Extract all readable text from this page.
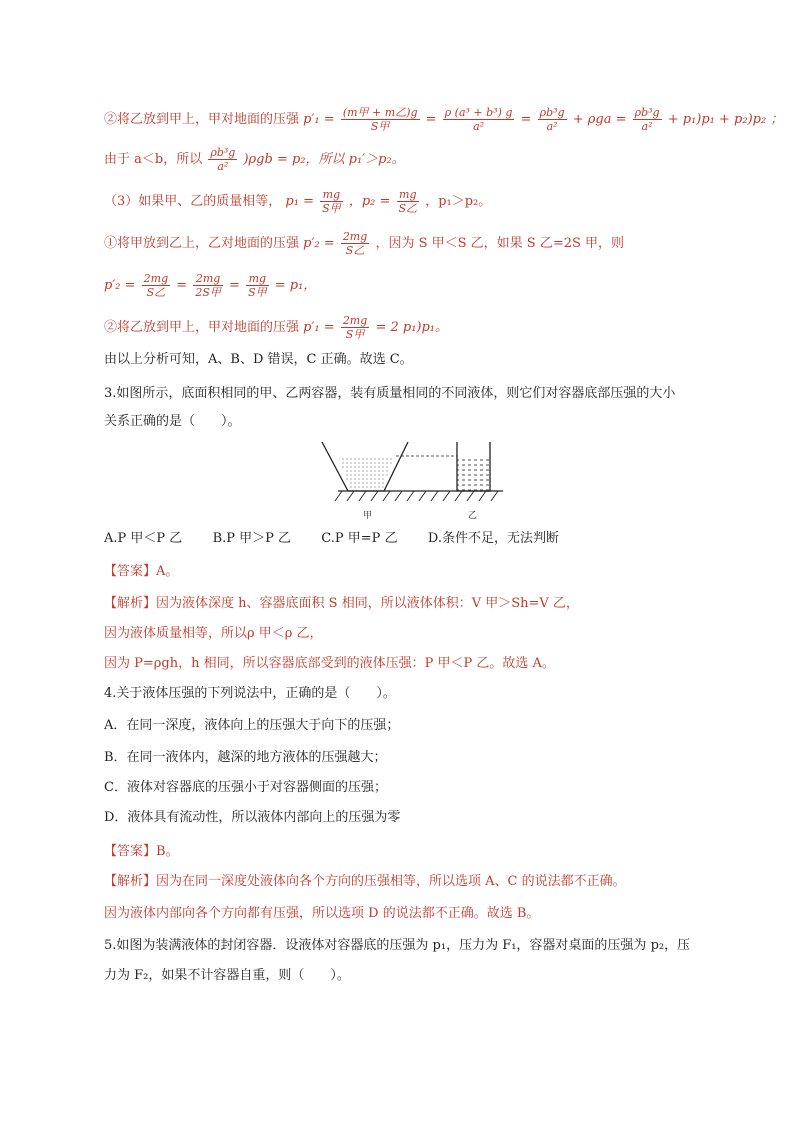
②将乙放到甲上，甲对地面的压强 $p'_1 = \frac{\text{(m甲 + m乙)g}}{\text{S甲}} = \frac{\text{ρ (a³ + b³) g}}{\text{a²}} = \frac{\text{ρb³g}}{\text{a²}} + \rho ga = \frac{\text{ρb³g}}{\text{a²}} + p_1)p_1 + p_2)p_2$ ；
由于 a＜b，所以 $\frac{\text{ρb³g}}{\text{a²}} )\rho gb = p_2$，所以 p₁′＞p₂。
（3）如果甲、乙的质量相等， $p_1 = \frac{mg}{\text{S甲}}$ ，$p_2 = \frac{mg}{\text{S乙}}$ ，p₁＞p₂。
①将甲放到乙上，乙对地面的压强 $p'_2 = \frac{2mg}{\text{S乙}}$ ，因为 S 甲＜S 乙，如果 S 乙=2S 甲，则
$p'_2 = \frac{2mg}{\text{S乙}} = \frac{2mg}{\text{2S甲}} = \frac{mg}{\text{S甲}} = p_1$，
②将乙放到甲上，甲对地面的压强 $p'_1 = \frac{2mg}{\text{S甲}} = 2$ p₁)p₁。
由以上分析可知，A、B、D 错误，C 正确。故选 C。
3.如图所示，底面积相同的甲、乙两容器，装有质量相同的不同液体，则它们对容器底部压强的大小
关系正确的是（　　）。
甲	乙
A.P 甲＜P 乙 B.P 甲＞P 乙 C.P 甲=P 乙 D.条件不足，无法判断
【答案】A。
【解析】因为液体深度 h、容器底面积 S 相同，所以液体体积：V 甲＞Sh=V 乙，
因为液体质量相等，所以ρ 甲＜ρ 乙，
因为 P=ρgh，h 相同，所以容器底部受到的液体压强：P 甲＜P 乙。故选 A。
4.关于液体压强的下列说法中，正确的是（　　）。
A．在同一深度，液体向上的压强大于向下的压强；
B．在同一液体内，越深的地方液体的压强越大；
C．液体对容器底的压强小于对容器侧面的压强；
D．液体具有流动性，所以液体内部向上的压强为零
【答案】B。
【解析】因为在同一深度处液体向各个方向的压强相等，所以选项 A、C 的说法都不正确。
因为液体内部向各个方向都有压强，所以选项 D 的说法都不正确。故选 B。
5.如图为装满液体的封闭容器．设液体对容器底的压强为 p₁，压力为 F₁，容器对桌面的压强为 p₂，压
力为 F₂，如果不计容器自重，则（　　）。
